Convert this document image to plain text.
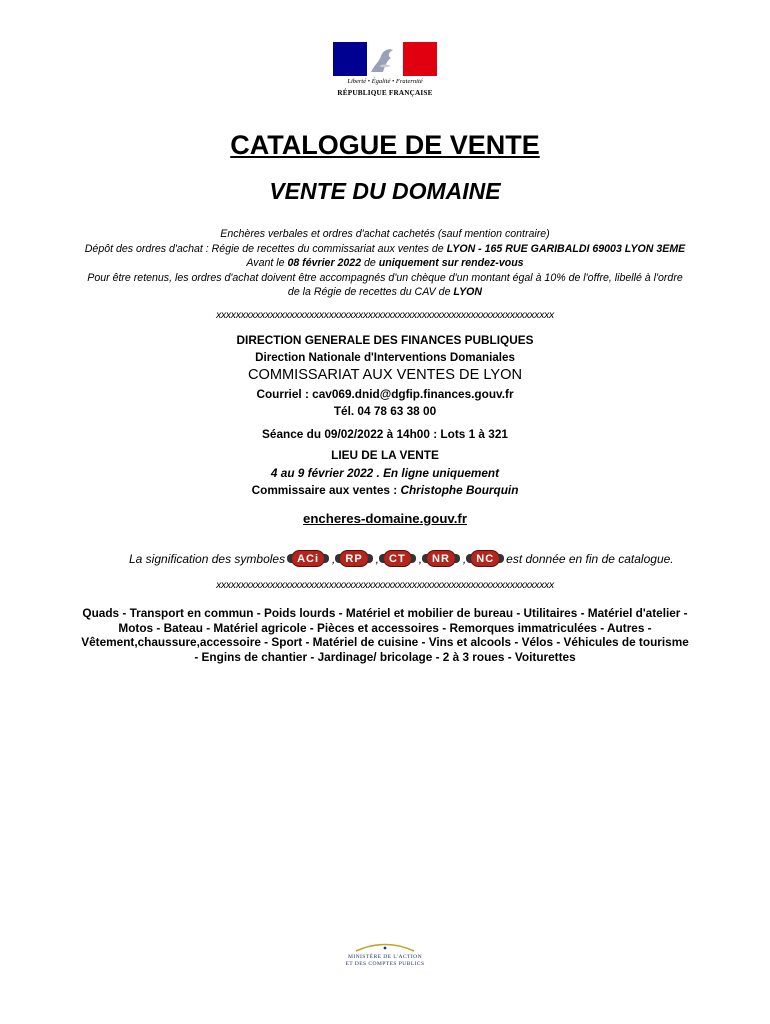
Liberté • Égalité • Fraternité
RÉPUBLIQUE FRANÇAISE
CATALOGUE DE VENTE
VENTE DU DOMAINE
Enchères verbales et ordres d'achat cachetés (sauf mention contraire)
Dépôt des ordres d'achat : Régie de recettes du commissariat aux ventes de LYON - 165 RUE GARIBALDI 69003 LYON 3EME
Avant le 08 février 2022 de uniquement sur rendez-vous
Pour être retenus, les ordres d'achat doivent être accompagnés d'un chèque d'un montant égal à 10% de l'offre, libellé à l'ordre
de la Régie de recettes du CAV de LYON
xxxxxxxxxxxxxxxxxxxxxxxxxxxxxxxxxxxxxxxxxxxxxxxxxxxxxxxxxxxxxxxxxxxxx
DIRECTION GENERALE DES FINANCES PUBLIQUES
Direction Nationale d'Interventions Domaniales
COMMISSARIAT AUX VENTES DE LYON
Courriel : cav069.dnid@dgfip.finances.gouv.fr
Tél. 04 78 63 38 00
Séance du 09/02/2022 à 14h00 : Lots 1 à 321
LIEU DE LA VENTE
4 au 9 février 2022 . En ligne uniquement
Commissaire aux ventes : Christophe Bourquin
encheres-domaine.gouv.fr
La signification des symboles	ACi	, RP	, CT	, NR	, NC	est donnée en fin de catalogue.
xxxxxxxxxxxxxxxxxxxxxxxxxxxxxxxxxxxxxxxxxxxxxxxxxxxxxxxxxxxxxxxxxxxxx
Quads - Transport en commun - Poids lourds - Matériel et mobilier de bureau - Utilitaires - Matériel d'atelier -
Motos - Bateau - Matériel agricole - Pièces et accessoires - Remorques immatriculées - Autres -
Vêtement,chaussure,accessoire - Sport - Matériel de cuisine - Vins et alcools - Vélos - Véhicules de tourisme
- Engins de chantier - Jardinage/ bricolage - 2 à 3 roues - Voiturettes
MINISTÈRE DE L'ACTION
ET DES COMPTES PUBLICS
